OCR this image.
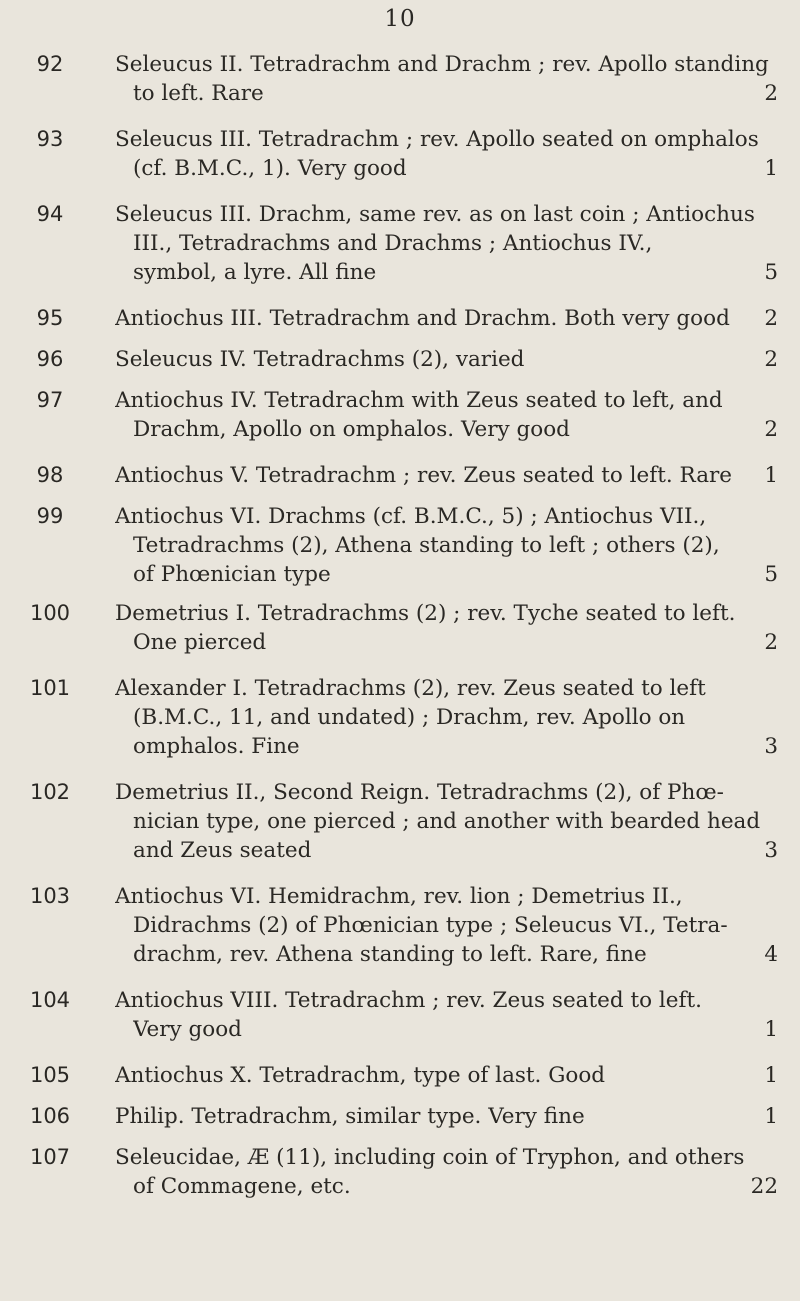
10
92	Seleucus II. Tetradrachm and Drachm ; rev. Apollo standing
to left. Rare	2
93	Seleucus III. Tetradrachm ; rev. Apollo seated on omphalos
(cf. B.M.C., 1). Very good	1
94	Seleucus III. Drachm, same rev. as on last coin ; Antiochus
III., Tetradrachms and Drachms ; Antiochus IV.,
symbol, a lyre. All fine	5
95	Antiochus III. Tetradrachm and Drachm. Both very good	2
96	Seleucus IV. Tetradrachms (2), varied	2
97	Antiochus IV. Tetradrachm with Zeus seated to left, and
Drachm, Apollo on omphalos. Very good	2
98	Antiochus V. Tetradrachm ; rev. Zeus seated to left. Rare	1
99	Antiochus VI. Drachms (cf. B.M.C., 5) ; Antiochus VII.,
Tetradrachms (2), Athena standing to left ; others (2),
of Phœnician type	5
100	Demetrius I. Tetradrachms (2) ; rev. Tyche seated to left.
One pierced	2
101	Alexander I. Tetradrachms (2), rev. Zeus seated to left
(B.M.C., 11, and undated) ; Drachm, rev. Apollo on
omphalos. Fine	3
102	Demetrius II., Second Reign. Tetradrachms (2), of Phœ-
nician type, one pierced ; and another with bearded head
and Zeus seated	3
103	Antiochus VI. Hemidrachm, rev. lion ; Demetrius II.,
Didrachms (2) of Phœnician type ; Seleucus VI., Tetra-
drachm, rev. Athena standing to left. Rare, fine	4
104	Antiochus VIII. Tetradrachm ; rev. Zeus seated to left.
Very good	1
105	Antiochus X. Tetradrachm, type of last. Good	1
106	Philip. Tetradrachm, similar type. Very fine	1
107	Seleucidae, Æ (11), including coin of Tryphon, and others
of Commagene, etc.	22
